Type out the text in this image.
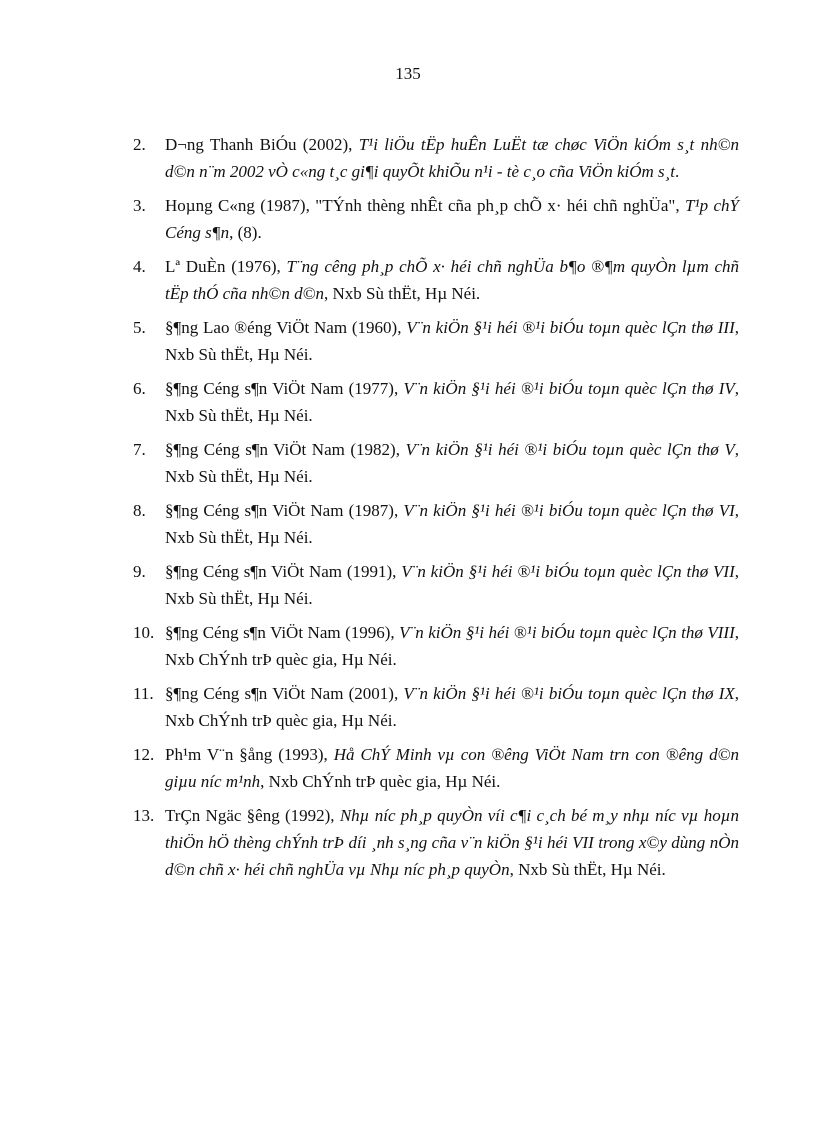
135
2. D¬ng Thanh BiÓu (2002), T¹i liÖu tËp huÊn LuËt tæ chøc ViÖn kiÓm s¸t nh©n d©n n¨m 2002 vÒ c«ng t¸c gi¶i quyÕt khiÕu n¹i - tè c¸o cña ViÖn kiÓm s¸t.
3. Hoµng C«ng (1987), "TÝnh thèng nhÊt cña ph¸p chÕ x· héi chñ nghÜa", T¹p chÝ Céng s¶n, (8).
4. Lª DuÈn (1976), T¨ng cêng ph¸p chÕ x· héi chñ nghÜa b¶o ®¶m quyÒn lµm chñ tËp thÓ cña nh©n d©n, Nxb Sù thËt, Hµ Néi.
5. §¶ng Lao ®éng ViÖt Nam (1960), V¨n kiÖn §¹i héi ®¹i biÓu toµn quèc lÇn thø III, Nxb Sù thËt, Hµ Néi.
6. §¶ng Céng s¶n ViÖt Nam (1977), V¨n kiÖn §¹i héi ®¹i biÓu toµn quèc lÇn thø IV, Nxb Sù thËt, Hµ Néi.
7. §¶ng Céng s¶n ViÖt Nam (1982), V¨n kiÖn §¹i héi ®¹i biÓu toµn quèc lÇn thø V, Nxb Sù thËt, Hµ Néi.
8. §¶ng Céng s¶n ViÖt Nam (1987), V¨n kiÖn §¹i héi ®¹i biÓu toµn quèc lÇn thø VI, Nxb Sù thËt, Hµ Néi.
9. §¶ng Céng s¶n ViÖt Nam (1991), V¨n kiÖn §¹i héi ®¹i biÓu toµn quèc lÇn thø VII, Nxb Sù thËt, Hµ Néi.
10. §¶ng Céng s¶n ViÖt Nam (1996), V¨n kiÖn §¹i héi ®¹i biÓu toµn quèc lÇn thø VIII, Nxb ChÝnh trÞ quèc gia, Hµ Néi.
11. §¶ng Céng s¶n ViÖt Nam (2001), V¨n kiÖn §¹i héi ®¹i biÓu toµn quèc lÇn thø IX, Nxb ChÝnh trÞ quèc gia, Hµ Néi.
12. Ph¹m V¨n §ång (1993), Hå ChÝ Minh vµ con ®êng ViÖt Nam trn con ®êng d©n giµu níc m¹nh, Nxb ChÝnh trÞ quèc gia, Hµ Néi.
13. TrÇn Ngäc §êng (1992), Nhµ níc ph¸p quyÒn víi c¶i c¸ch bé m¸y nhµ níc vµ hoµn thiÖn hÖ thèng chÝnh trÞ díi ¸nh s¸ng cña v¨n kiÖn §¹i héi VII trong x©y dùng nÒn d©n chñ x· héi chñ nghÜa vµ Nhµ níc ph¸p quyÒn, Nxb Sù thËt, Hµ Néi.
